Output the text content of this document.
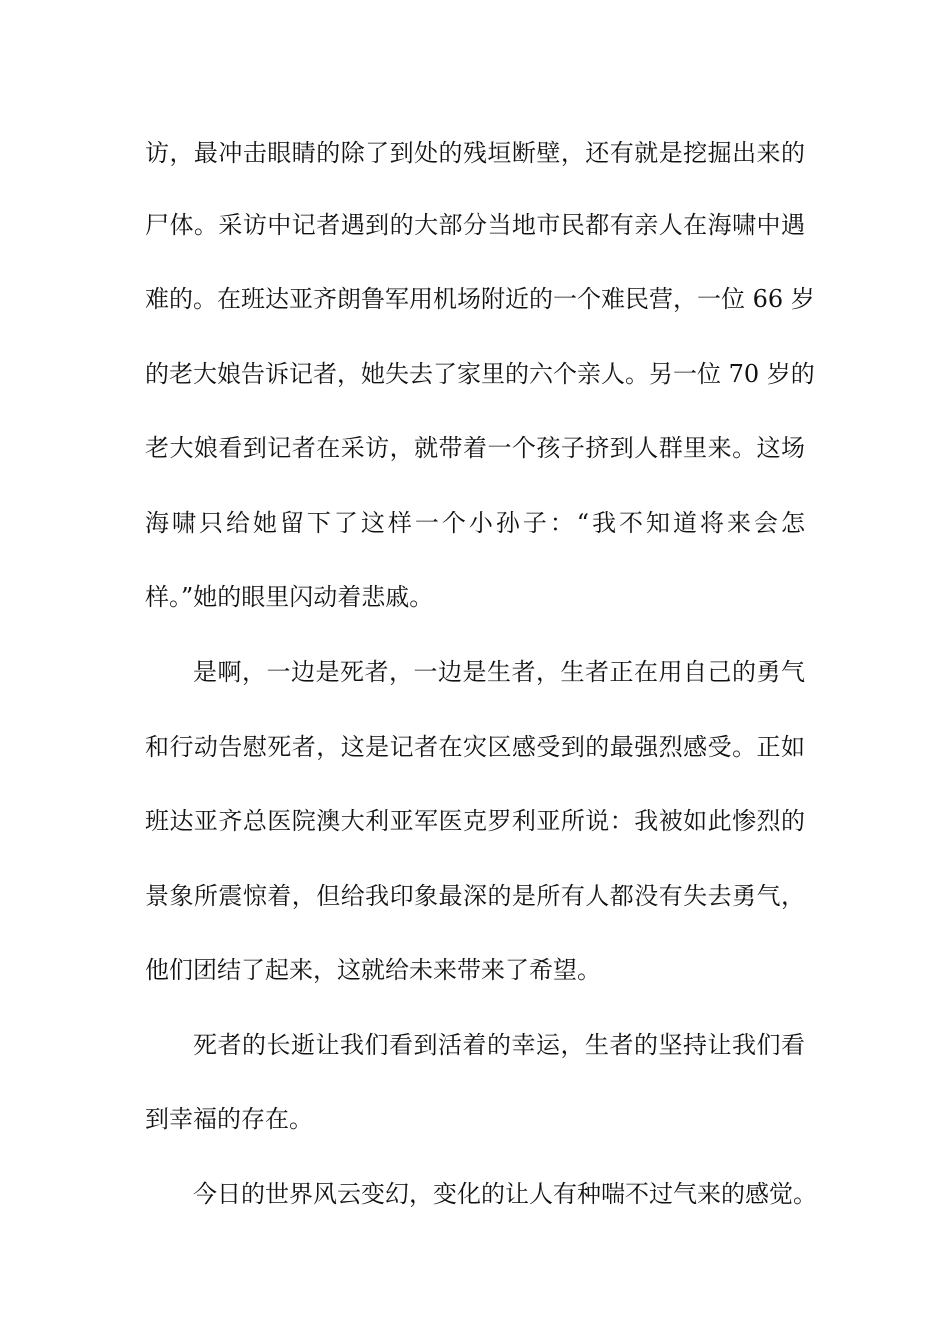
访，最冲击眼睛的除了到处的残垣断壁，还有就是挖掘出来的
尸体。采访中记者遇到的大部分当地市民都有亲人在海啸中遇
难的。在班达亚齐朗鲁军用机场附近的一个难民营，一位 66 岁
的老大娘告诉记者，她失去了家里的六个亲人。另一位 70 岁的
老大娘看到记者在采访，就带着一个孩子挤到人群里来。这场
海啸只给她留下了这样一个小孙子：“我不知道将来会怎
样。”她的眼里闪动着悲戚。
是啊，一边是死者，一边是生者，生者正在用自己的勇气
和行动告慰死者，这是记者在灾区感受到的最强烈感受。正如
班达亚齐总医院澳大利亚军医克罗利亚所说：我被如此惨烈的
景象所震惊着，但给我印象最深的是所有人都没有失去勇气，
他们团结了起来，这就给未来带来了希望。
死者的长逝让我们看到活着的幸运，生者的坚持让我们看
到幸福的存在。
今日的世界风云变幻，变化的让人有种喘不过气来的感觉。
